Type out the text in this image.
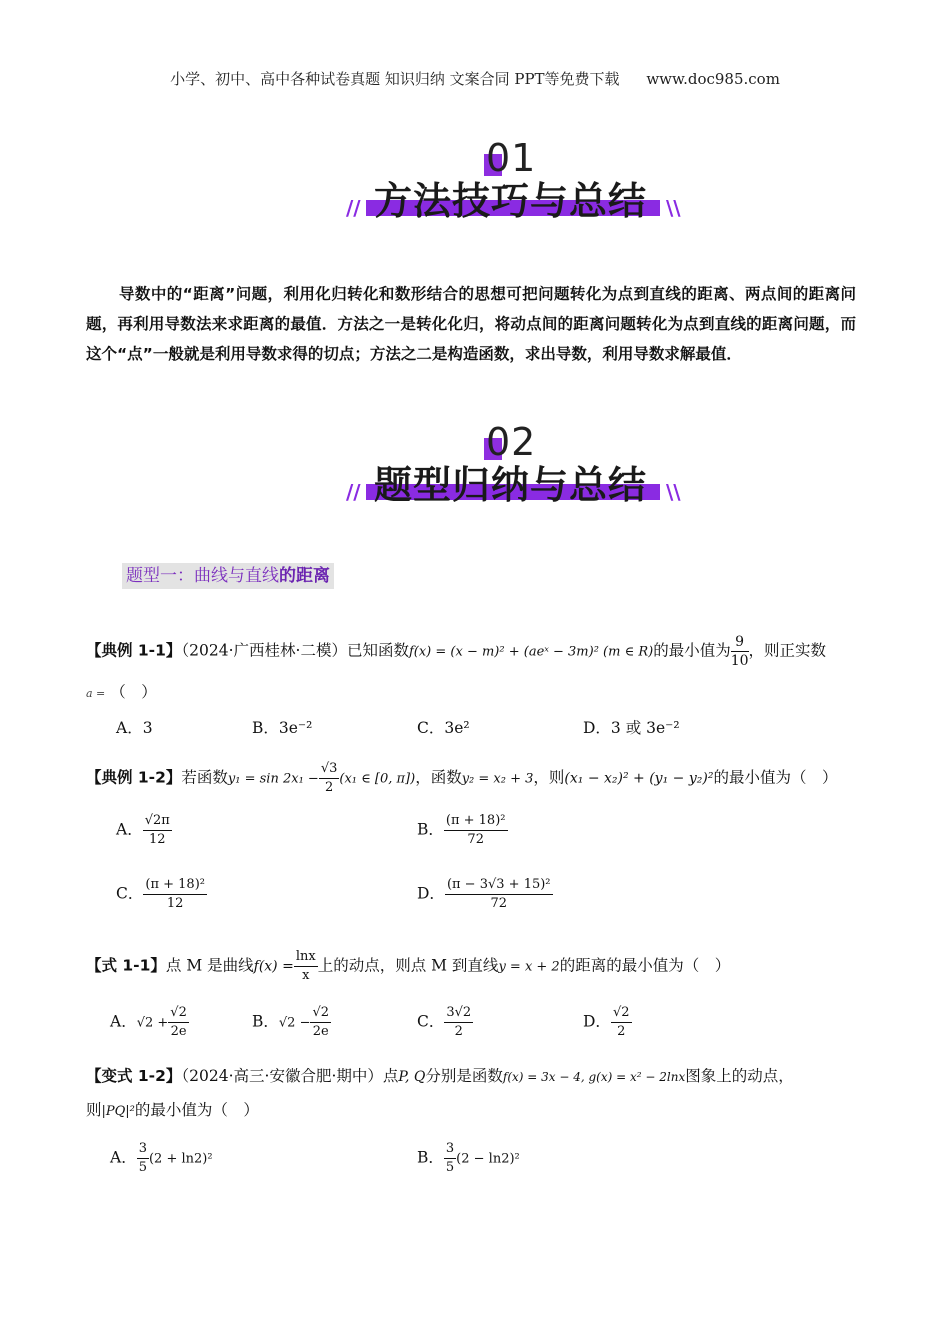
小学、初中、高中各种试卷真题 知识归纳 文案合同 PPT等免费下载 www.doc985.com
01
方法技巧与总结
//	\\
导数中的“距离”问题，利用化归转化和数形结合的思想可把问题转化为点到直线的距离、两点间的距离问题，再利用导数法来求距离的最值．方法之一是转化化归，将动点间的距离问题转化为点到直线的距离问题，而这个“点”一般就是利用导数求得的切点；方法之二是构造函数，求出导数，利用导数求解最值．
02
题型归纳与总结
//	\\
题型一：曲线与直线的距离
【典例 1-1】（2024·广西桂林·二模）已知函数f(x) = (x − m)² + (aeˣ − 3m)² (m ∈ R)的最小值为 $\frac{9}{10}$ ，则正实数
a = （　）
A．3	B．3e⁻²	C．3e²	D．3 或 3e⁻²
【典例 1-2】若函数$y_1 = \sin 2x_1 - \frac{√3}{2} (x_1$ ∈ [0, π])，函数y₂ = x₂ + 3，则(x₁ − x₂)² + (y₁ − y₂)²的最小值为（　）
A． $\frac{√2\pi}{12}$	B． $\frac{\text{(π + 18)²}}{72}$
C． $\frac{\text{(π + 18)²}}{12}$	D． $\frac{\text{(π − 3√3 + 15)²}}{72}$
【式 1-1】点 M 是曲线$f(x) = \frac{\ln x}{x}$ 上的动点，则点 M 到直线y = x + 2的距离的最小值为（　）
A．$√2 + \frac{√2}{2e}$	B．$√2 - \frac{√2}{2e}$	C． $\frac{3√2}{2}$	D． $\frac{√2}{2}$
【变式 1-2】（2024·高三·安徽合肥·期中）点P, Q分别是函数f(x) = 3x − 4, g(x) = x² − 2lnx图象上的动点，
则|PQ|²的最小值为（　）
A． $\frac{3}{5} (2 + \ln 2)^2$	B． $\frac{3}{5} (2 - \ln 2)^2$
